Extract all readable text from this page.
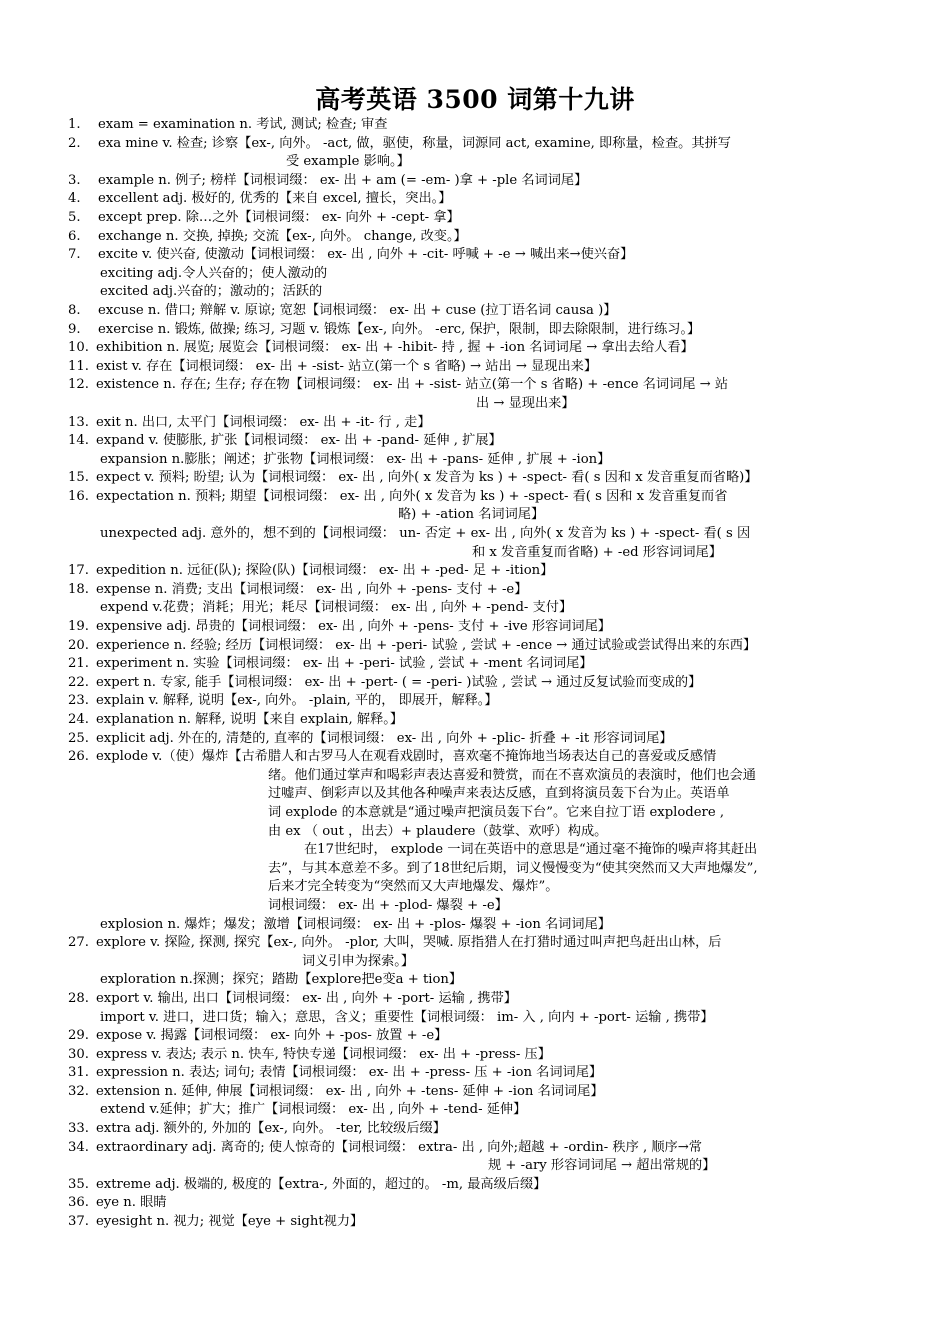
高考英语 3500 词第十九讲
1. exam = examination n. 考试, 测试; 检查; 审查
2. exa mine v. 检查; 诊察【ex-, 向外。 -act, 做，驱使，称量，词源同 act, examine, 即称量，检查。其拼写
受 example 影响。】
3. example n. 例子; 榜样【词根词缀： ex- 出 + am (= -em- )拿 + -ple 名词词尾】
4. excellent adj. 极好的, 优秀的【来自 excel, 擅长，突出。】
5. except prep. 除…之外【词根词缀： ex- 向外 + -cept- 拿】
6. exchange n. 交换, 掉换; 交流【ex-, 向外。 change, 改变。】
7. excite v. 使兴奋, 使激动【词根词缀： ex- 出 , 向外 + -cit- 呼喊 + -e → 喊出来→使兴奋】
exciting adj.令人兴奋的；使人激动的
excited adj.兴奋的；激动的；活跃的
8. excuse n. 借口; 辩解 v. 原谅; 宽恕【词根词缀： ex- 出 + cuse (拉丁语名词 causa )】
9. exercise n. 锻炼, 做操; 练习, 习题 v. 锻炼【ex-, 向外。 -erc, 保护，限制，即去除限制，进行练习。】
10. exhibition n. 展览; 展览会【词根词缀： ex- 出 + -hibit- 持 , 握 + -ion 名词词尾 → 拿出去给人看】
11. exist v. 存在【词根词缀： ex- 出 + -sist- 站立(第一个 s 省略) → 站出 → 显现出来】
12. existence n. 存在; 生存; 存在物【词根词缀： ex- 出 + -sist- 站立(第一个 s 省略) + -ence 名词词尾 → 站
出 → 显现出来】
13. exit n. 出口, 太平门【词根词缀： ex- 出 + -it- 行 , 走】
14. expand v. 使膨胀, 扩张【词根词缀： ex- 出 + -pand- 延伸 , 扩展】
expansion n.膨胀；阐述；扩张物【词根词缀： ex- 出 + -pans- 延伸 , 扩展 + -ion】
15. expect v. 预料; 盼望; 认为【词根词缀： ex- 出 , 向外( x 发音为 ks ) + -spect- 看( s 因和 x 发音重复而省略)】
16. expectation n. 预料; 期望【词根词缀： ex- 出 , 向外( x 发音为 ks ) + -spect- 看( s 因和 x 发音重复而省
略) + -ation 名词词尾】
unexpected adj. 意外的，想不到的【词根词缀： un- 否定 + ex- 出 , 向外( x 发音为 ks ) + -spect- 看( s 因
和 x 发音重复而省略) + -ed 形容词词尾】
17. expedition n. 远征(队); 探险(队)【词根词缀： ex- 出 + -ped- 足 + -ition】
18. expense n. 消费; 支出【词根词缀： ex- 出 , 向外 + -pens- 支付 + -e】
expend v.花费；消耗；用光；耗尽【词根词缀： ex- 出 , 向外 + -pend- 支付】
19. expensive adj. 昂贵的【词根词缀： ex- 出 , 向外 + -pens- 支付 + -ive 形容词词尾】
20. experience n. 经验; 经历【词根词缀： ex- 出 + -peri- 试验 , 尝试 + -ence → 通过试验或尝试得出来的东西】
21. experiment n. 实验【词根词缀： ex- 出 + -peri- 试验 , 尝试 + -ment 名词词尾】
22. expert n. 专家, 能手【词根词缀： ex- 出 + -pert- ( = -peri- )试验 , 尝试 → 通过反复试验而变成的】
23. explain v. 解释, 说明【ex-, 向外。 -plain, 平的， 即展开，解释。】
24. explanation n. 解释, 说明【来自 explain, 解释。】
25. explicit adj. 外在的, 清楚的, 直率的【词根词缀： ex- 出 , 向外 + -plic- 折叠 + -it 形容词词尾】
26. explode v.（使）爆炸【古希腊人和古罗马人在观看戏剧时，喜欢毫不掩饰地当场表达自己的喜爱或反感情
绪。他们通过掌声和喝彩声表达喜爱和赞赏，而在不喜欢演员的表演时，他们也会通
过嘘声、倒彩声以及其他各种噪声来表达反感，直到将演员轰下台为止。英语单
词 explode 的本意就是“通过噪声把演员轰下台”。它来自拉丁语 explodere ,
由 ex （ out ，出去）+ plaudere（鼓掌、欢呼）构成。
在17世纪时， explode 一词在英语中的意思是“通过毫不掩饰的噪声将其赶出
去”，与其本意差不多。到了18世纪后期，词义慢慢变为“使其突然而又大声地爆发”,
后来才完全转变为“突然而又大声地爆发、爆炸”。
词根词缀： ex- 出 + -plod- 爆裂 + -e】
explosion n. 爆炸；爆发；激增【词根词缀： ex- 出 + -plos- 爆裂 + -ion 名词词尾】
27. explore v. 探险, 探测, 探究【ex-, 向外。 -plor, 大叫，哭喊. 原指猎人在打猎时通过叫声把鸟赶出山林，后
词义引申为探索。】
exploration n.探测；探究；踏勘【explore把e变a + tion】
28. export v. 输出, 出口【词根词缀： ex- 出 , 向外 + -port- 运输 , 携带】
import v. 进口，进口货；输入；意思，含义；重要性【词根词缀： im- 入 , 向内 + -port- 运输 , 携带】
29. expose v. 揭露【词根词缀： ex- 向外 + -pos- 放置 + -e】
30. express v. 表达; 表示 n. 快车, 特快专递【词根词缀： ex- 出 + -press- 压】
31. expression n. 表达; 词句; 表情【词根词缀： ex- 出 + -press- 压 + -ion 名词词尾】
32. extension n. 延伸, 伸展【词根词缀： ex- 出 , 向外 + -tens- 延伸 + -ion 名词词尾】
extend v.延伸；扩大；推广【词根词缀： ex- 出 , 向外 + -tend- 延伸】
33. extra adj. 额外的, 外加的【ex-, 向外。 -ter, 比较级后缀】
34. extraordinary adj. 离奇的; 使人惊奇的【词根词缀： extra- 出 , 向外;超越 + -ordin- 秩序 , 顺序→常
规 + -ary 形容词词尾 → 超出常规的】
35. extreme adj. 极端的, 极度的【extra-, 外面的，超过的。 -m, 最高级后缀】
36. eye n. 眼睛
37. eyesight n. 视力; 视觉【eye + sight视力】
